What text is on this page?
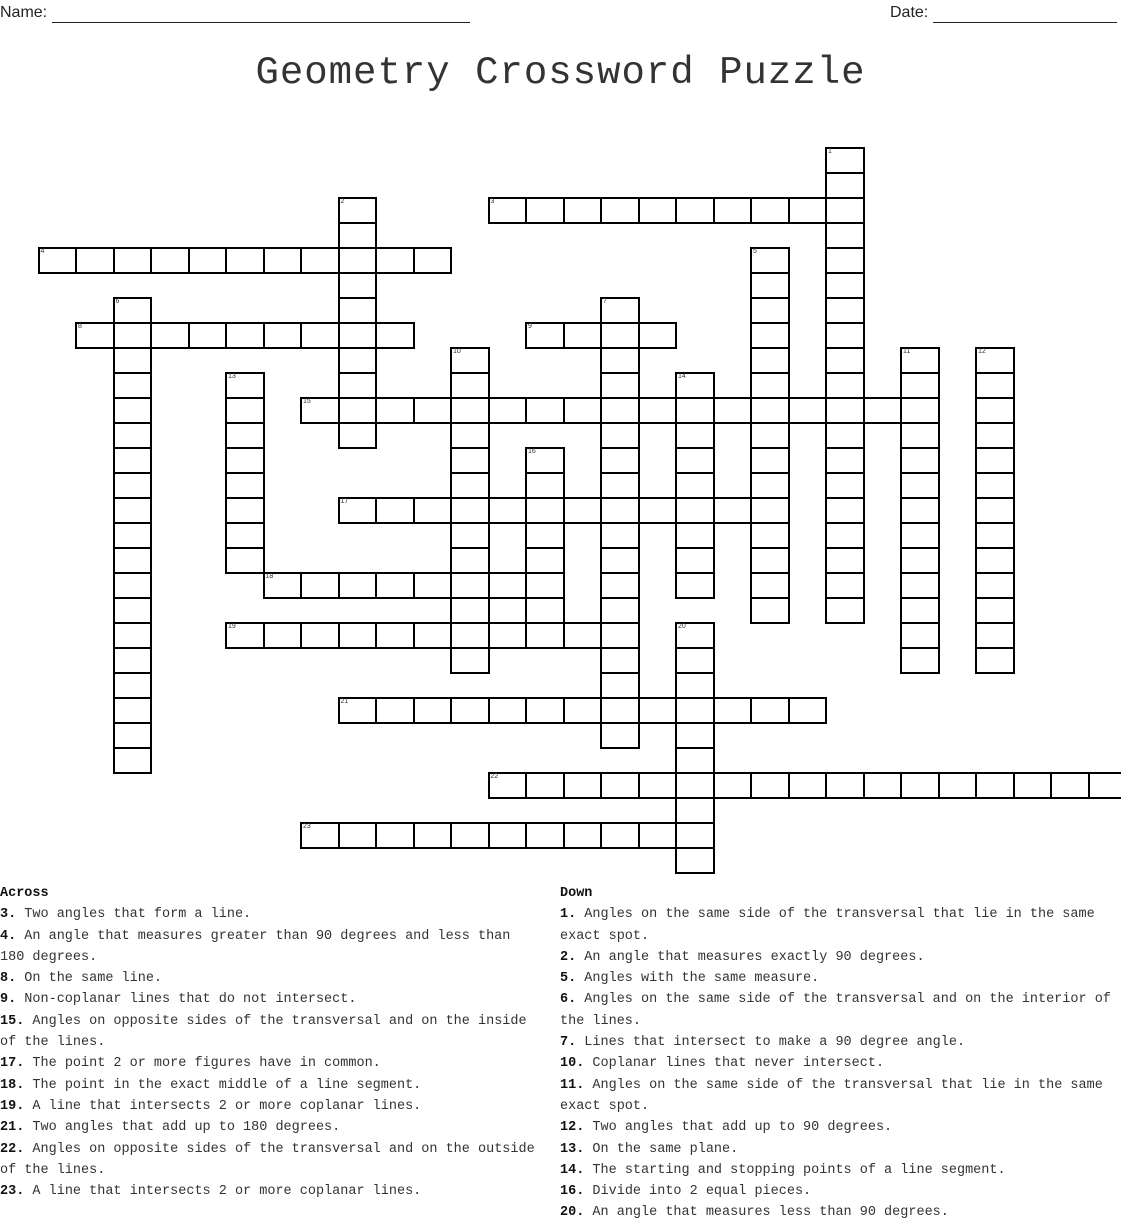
Name:	Date:
Geometry Crossword Puzzle
1
2	3
4	5
6	7
8	9
10	11	12
13	14
15
16
17
18
19	20
21
22
23
Across
3. Two angles that form a line.
4. An angle that measures greater than 90 degrees and less than 180 degrees.
8. On the same line.
9. Non-coplanar lines that do not intersect.
15. Angles on opposite sides of the transversal and on the inside of the lines.
17. The point 2 or more figures have in common.
18. The point in the exact middle of a line segment.
19. A line that intersects 2 or more coplanar lines.
21. Two angles that add up to 180 degrees.
22. Angles on opposite sides of the transversal and on the outside of the lines.
23. A line that intersects 2 or more coplanar lines.
Down
1. Angles on the same side of the transversal that lie in the same exact spot.
2. An angle that measures exactly 90 degrees.
5. Angles with the same measure.
6. Angles on the same side of the transversal and on the interior of the lines.
7. Lines that intersect to make a 90 degree angle.
10. Coplanar lines that never intersect.
11. Angles on the same side of the transversal that lie in the same exact spot.
12. Two angles that add up to 90 degrees.
13. On the same plane.
14. The starting and stopping points of a line segment.
16. Divide into 2 equal pieces.
20. An angle that measures less than 90 degrees.
